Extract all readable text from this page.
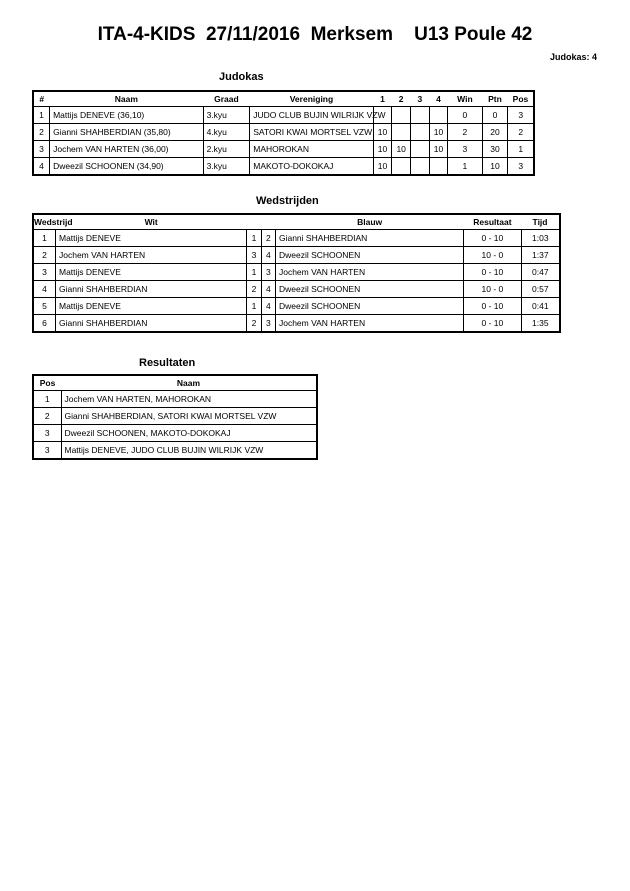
ITA-4-KIDS  27/11/2016  Merksem    U13 Poule 42
Judokas: 4
Judokas
#	Naam	Graad	Vereniging	1	2	3	4	Win	Ptn	Pos
1	Mattijs DENEVE (36,10)	3.kyu	JUDO CLUB BUJIN WILRIJK VZW					0	0	3
2	Gianni SHAHBERDIAN (35,80)	4.kyu	SATORI KWAI MORTSEL VZW	10			10	2	20	2
3	Jochem VAN HARTEN (36,00)	2.kyu	MAHOROKAN	10	10		10	3	30	1
4	Dweezil SCHOONEN (34,90)	3.kyu	MAKOTO-DOKOKAJ	10				1	10	3
Wedstrijden
Wedstrijd	Wit			Blauw	Resultaat	Tijd
1	Mattijs DENEVE	1	2	Gianni SHAHBERDIAN	0 - 10	1:03
2	Jochem VAN HARTEN	3	4	Dweezil SCHOONEN	10 - 0	1:37
3	Mattijs DENEVE	1	3	Jochem VAN HARTEN	0 - 10	0:47
4	Gianni SHAHBERDIAN	2	4	Dweezil SCHOONEN	10 - 0	0:57
5	Mattijs DENEVE	1	4	Dweezil SCHOONEN	0 - 10	0:41
6	Gianni SHAHBERDIAN	2	3	Jochem VAN HARTEN	0 - 10	1:35
Resultaten
Pos	Naam
1	Jochem VAN HARTEN, MAHOROKAN
2	Gianni SHAHBERDIAN, SATORI KWAI MORTSEL VZW
3	Dweezil SCHOONEN, MAKOTO-DOKOKAJ
3	Mattijs DENEVE, JUDO CLUB BUJIN WILRIJK VZW
